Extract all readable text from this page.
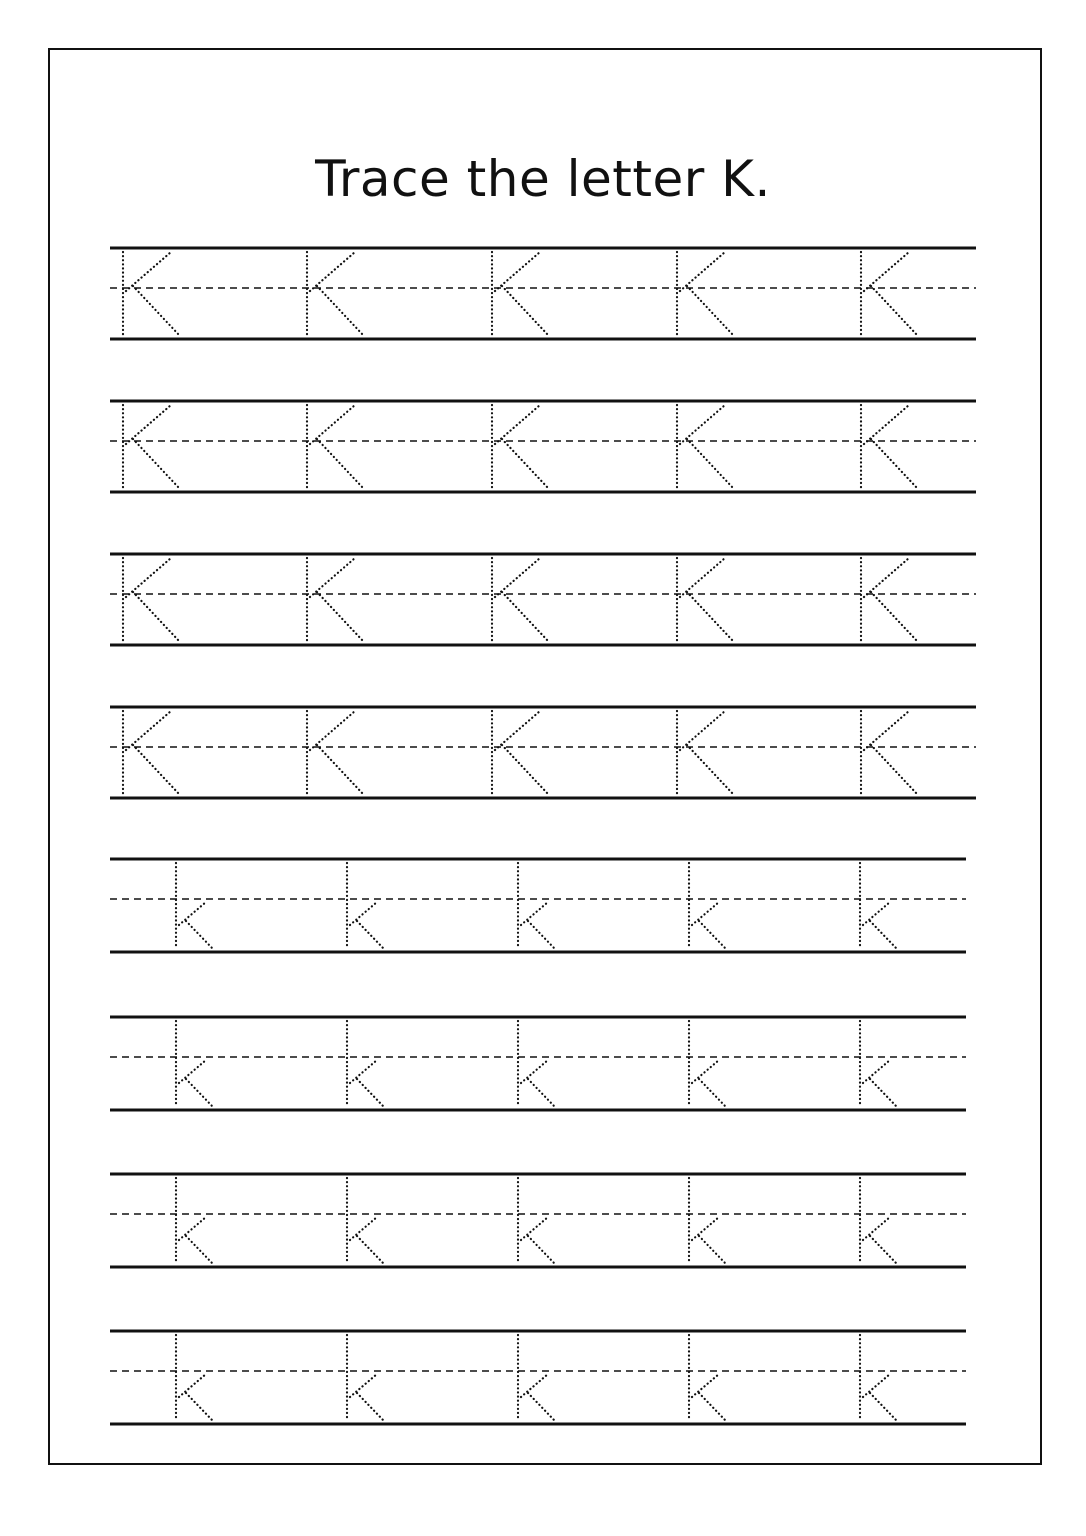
Trace the letter K.
